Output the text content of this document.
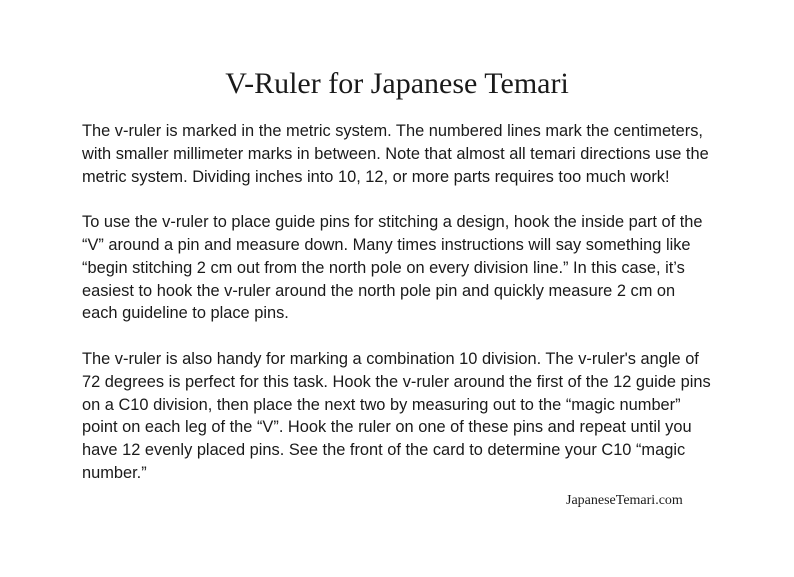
V-Ruler for Japanese Temari

The v-ruler is marked in the metric system. The numbered lines mark the centimeters,
with smaller millimeter marks in between. Note that almost all temari directions use the
metric system. Dividing inches into 10, 12, or more parts requires too much work!

To use the v-ruler to place guide pins for stitching a design, hook the inside part of the
“V” around a pin and measure down. Many times instructions will say something like
“begin stitching 2 cm out from the north pole on every division line.” In this case, it’s
easiest to hook the v-ruler around the north pole pin and quickly measure 2 cm on
each guideline to place pins.

The v-ruler is also handy for marking a combination 10 division. The v-ruler's angle of
72 degrees is perfect for this task. Hook the v-ruler around the first of the 12 guide pins
on a C10 division, then place the next two by measuring out to the “magic number”
point on each leg of the “V”. Hook the ruler on one of these pins and repeat until you
have 12 evenly placed pins. See the front of the card to determine your C10 “magic
number.”

JapaneseTemari.com
